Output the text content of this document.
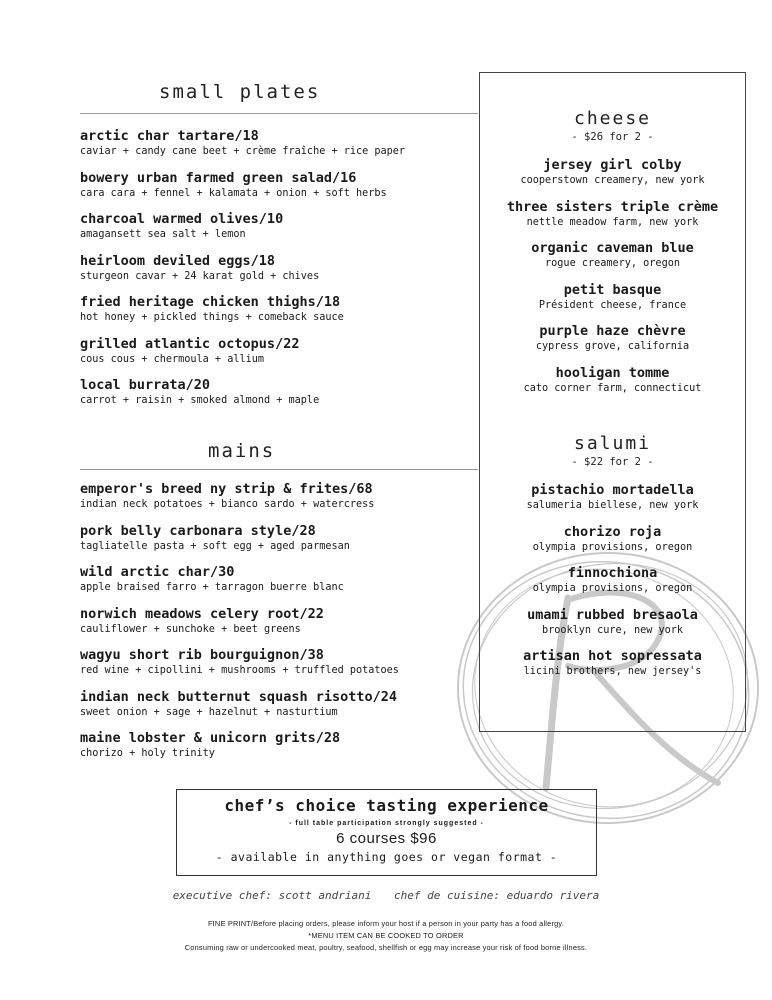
small plates
arctic char tartare/18
caviar + candy cane beet + crème fraîche + rice paper
bowery urban farmed green salad/16
cara cara + fennel + kalamata + onion + soft herbs
charcoal warmed olives/10
amagansett sea salt + lemon
heirloom deviled eggs/18
sturgeon cavar + 24 karat gold + chives
fried heritage chicken thighs/18
hot honey + pickled things + comeback sauce
grilled atlantic octopus/22
cous cous + chermoula + allium
local burrata/20
carrot + raisin + smoked almond + maple
mains
emperor's breed ny strip & frites/68
indian neck potatoes + bianco sardo + watercress
pork belly carbonara style/28
tagliatelle pasta + soft egg + aged parmesan
wild arctic char/30
apple braised farro + tarragon buerre blanc
norwich meadows celery root/22
cauliflower + sunchoke + beet greens
wagyu short rib bourguignon/38
red wine + cipollini + mushrooms + truffled potatoes
indian neck butternut squash risotto/24
sweet onion + sage + hazelnut + nasturtium
maine lobster & unicorn grits/28
chorizo + holy trinity
cheese
- $26 for 2 -
jersey girl colby
cooperstown creamery, new york
three sisters triple crème
nettle meadow farm, new york
organic caveman blue
rogue creamery, oregon
petit basque
Président cheese, france
purple haze chèvre
cypress grove, california
hooligan tomme
cato corner farm, connecticut
salumi
- $22 for 2 -
pistachio mortadella
salumeria biellese, new york
chorizo roja
olympia provisions, oregon
finnochiona
olympia provisions, oregon
umami rubbed bresaola
brooklyn cure, new york
artisan hot sopressata
licini brothers, new jersey's
chef’s choice tasting experience
- full table participation strongly suggested -
6 courses $96
- available in anything goes or vegan format -
executive chef: scott andriani chef de cuisine: eduardo rivera
FINE PRINT/Before placing orders, please inform your host if a person in your party has a food allergy.
*MENU ITEM CAN BE COOKED TO ORDER
Consuming raw or undercooked meat, poultry, seafood, shellfish or egg may increase your risk of food borne illness.
